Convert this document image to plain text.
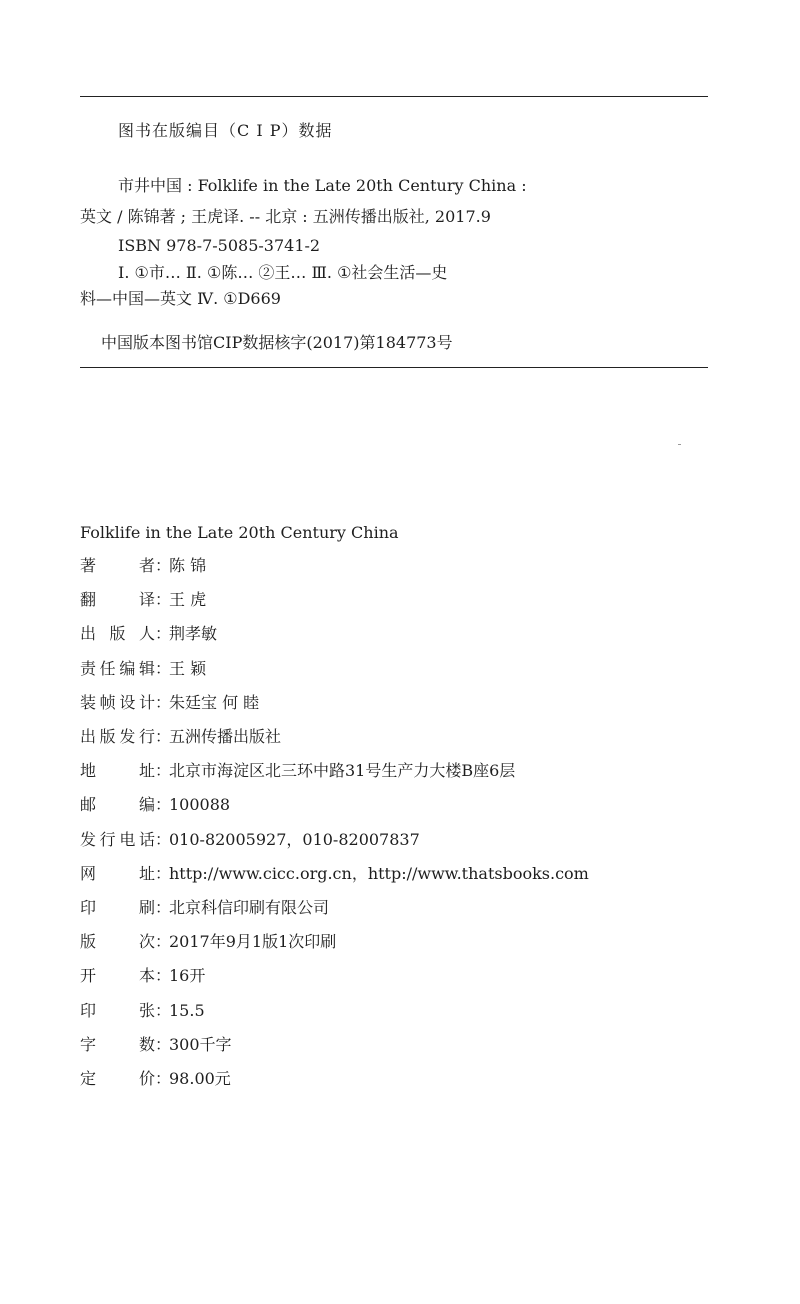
图书在版编目（C I P）数据
市井中国 : Folklife in the Late 20th Century China :
英文 / 陈锦著 ; 王虎译. -- 北京 : 五洲传播出版社, 2017.9
ISBN 978-7-5085-3741-2
Ⅰ. ①市… Ⅱ. ①陈… ②王… Ⅲ. ①社会生活—史
料—中国—英文 Ⅳ. ①D669
中国版本图书馆CIP数据核字(2017)第184773号
Folklife in the Late 20th Century China
著 者：陈 锦
翻 译：王 虎
出版人：荆孝敏
责任编辑：王 颖
装帧设计：朱廷宝 何 睦
出版发行：五洲传播出版社
地 址：北京市海淀区北三环中路31号生产力大楼B座6层
邮 编：100088
发行电话：010-82005927，010-82007837
网 址：http://www.cicc.org.cn，http://www.thatsbooks.com
印 刷：北京科信印刷有限公司
版 次：2017年9月1版1次印刷
开 本：16开
印 张：15.5
字 数：300千字
定 价：98.00元
